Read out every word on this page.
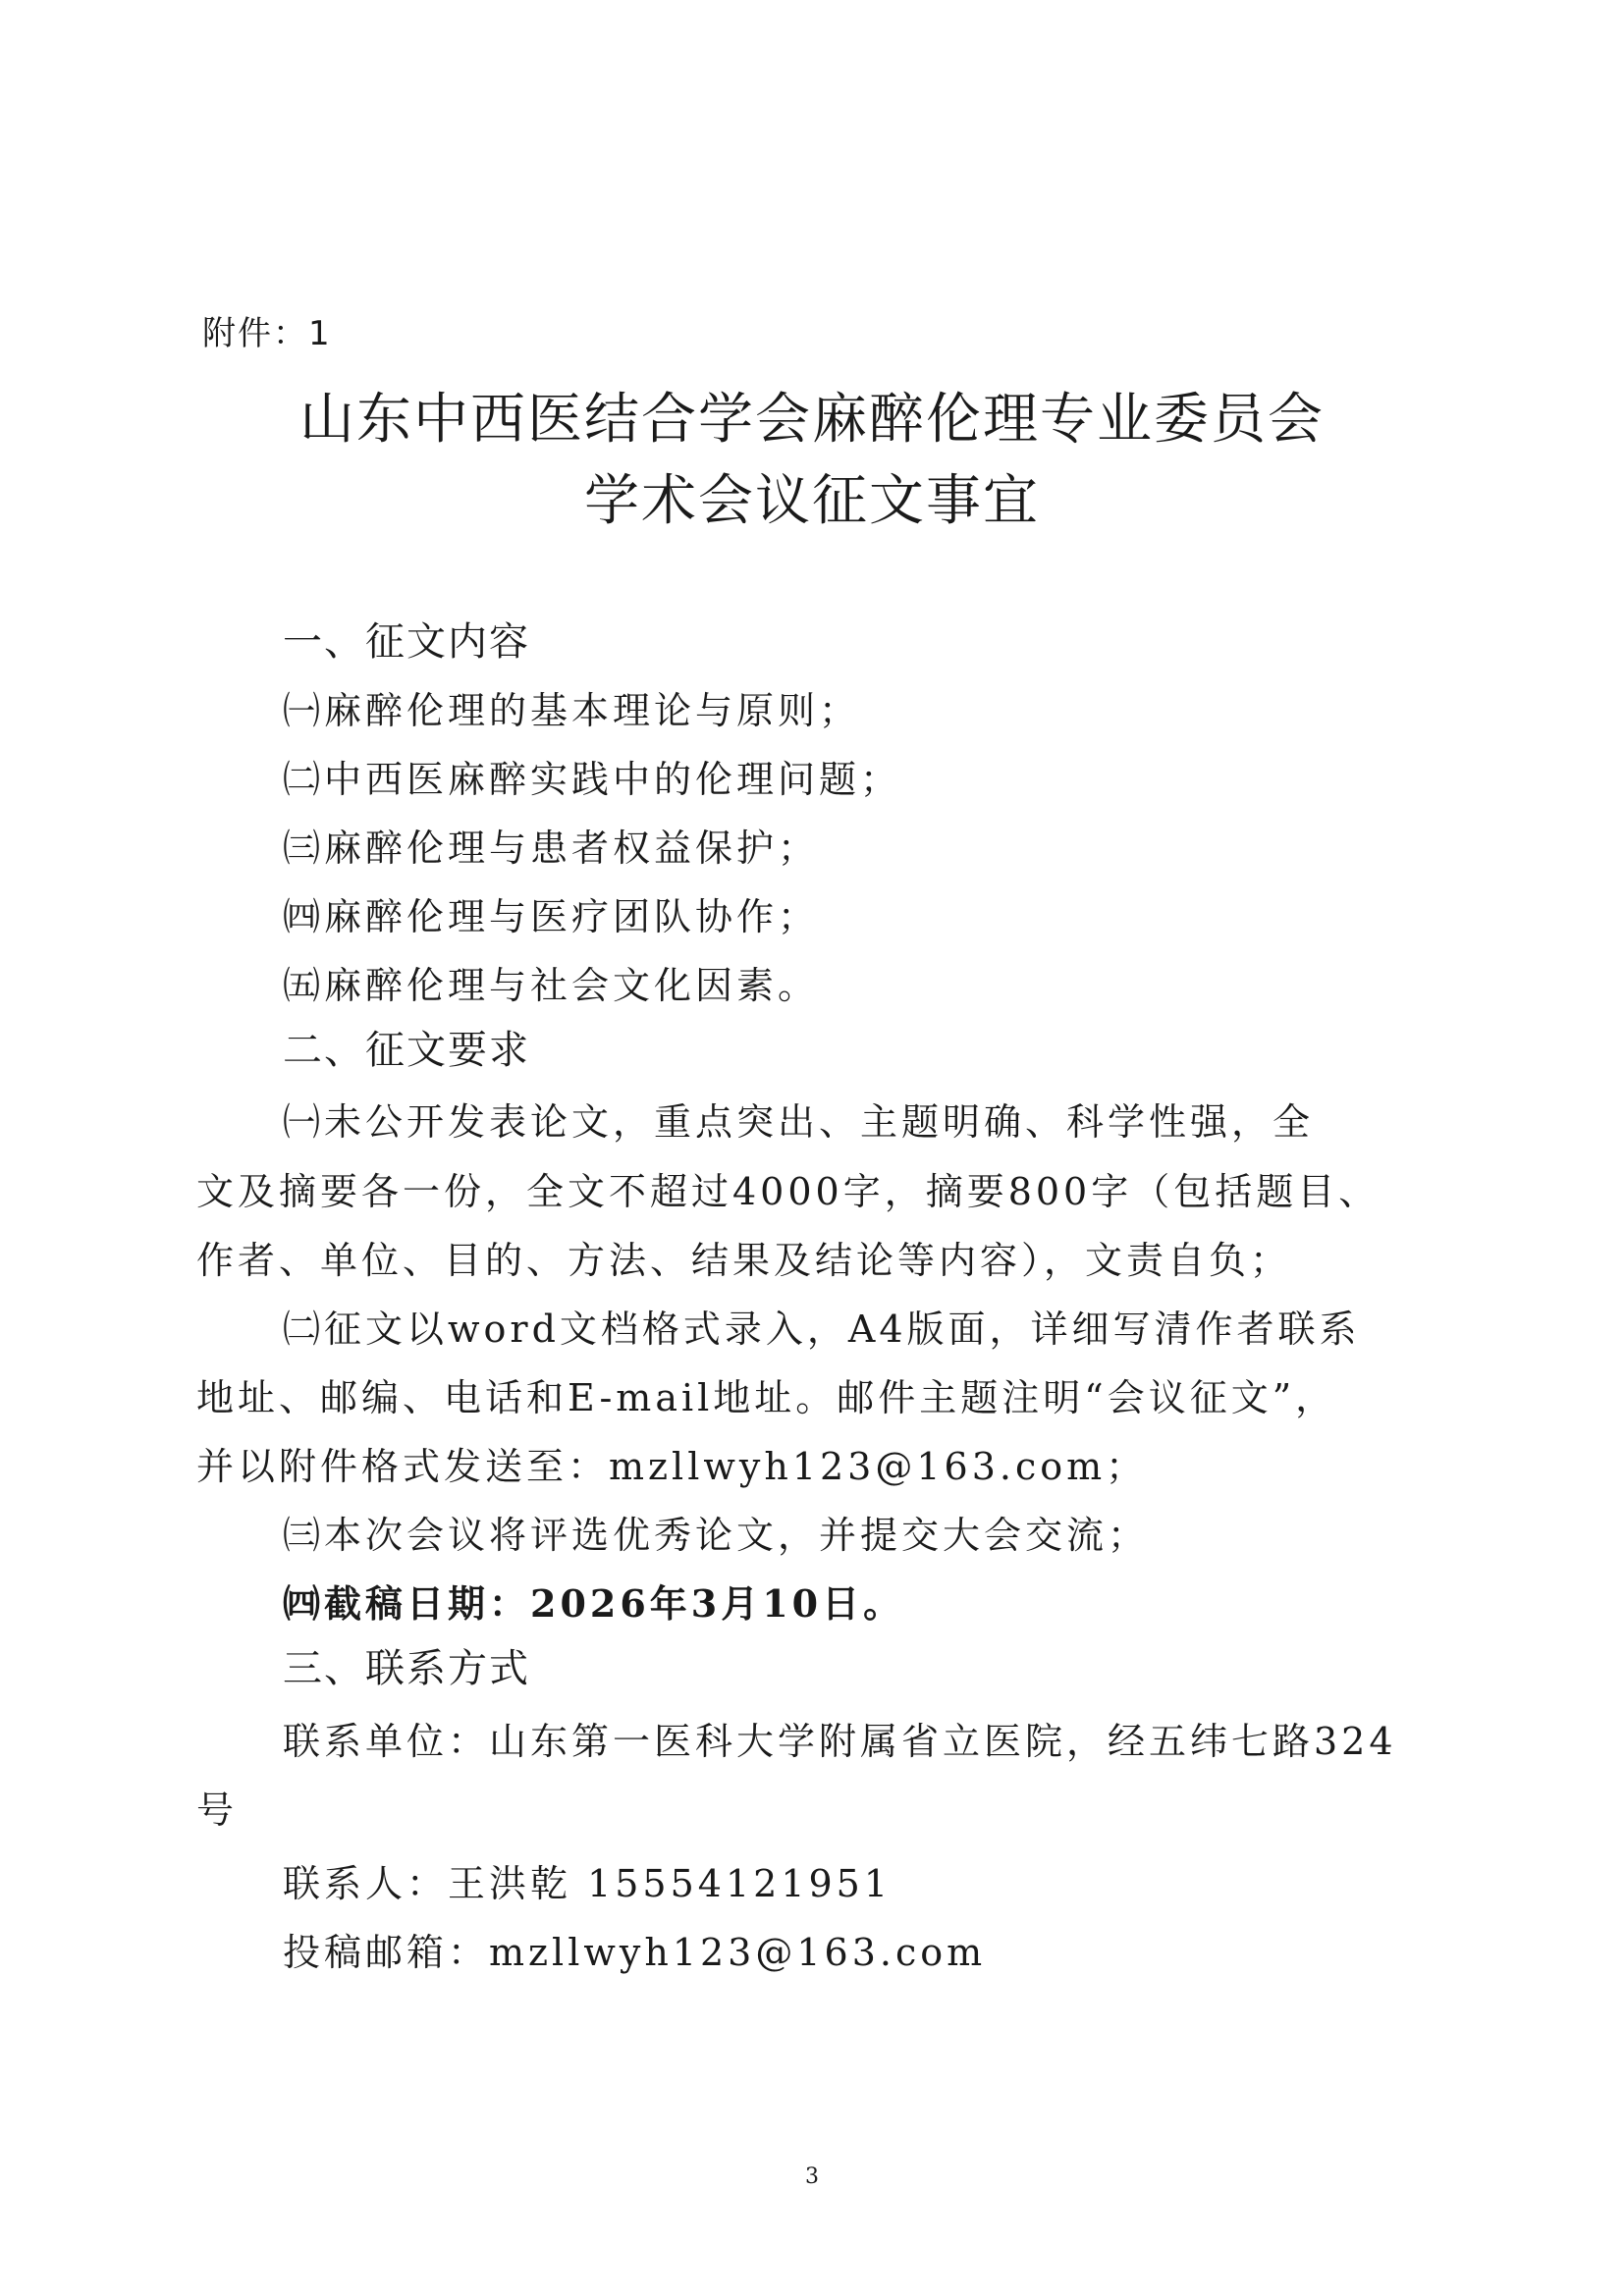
附件：1
山东中西医结合学会麻醉伦理专业委员会
学术会议征文事宜
一、征文内容
㈠麻醉伦理的基本理论与原则；
㈡中西医麻醉实践中的伦理问题；
㈢麻醉伦理与患者权益保护；
㈣麻醉伦理与医疗团队协作；
㈤麻醉伦理与社会文化因素。
二、征文要求
㈠未公开发表论文，重点突出、主题明确、科学性强，全
文及摘要各一份，全文不超过4000字，摘要800字（包括题目、
作者、单位、目的、方法、结果及结论等内容），文责自负；
㈡征文以word文档格式录入，A4版面，详细写清作者联系
地址、邮编、电话和E-mail地址。邮件主题注明“会议征文”，
并以附件格式发送至：mzllwyh123@163.com；
㈢本次会议将评选优秀论文，并提交大会交流；
㈣截稿日期：2026年3月10日。
三、联系方式
联系单位：山东第一医科大学附属省立医院，经五纬七路324
号
联系人：王洪乾 15554121951
投稿邮箱：mzllwyh123@163.com
3
